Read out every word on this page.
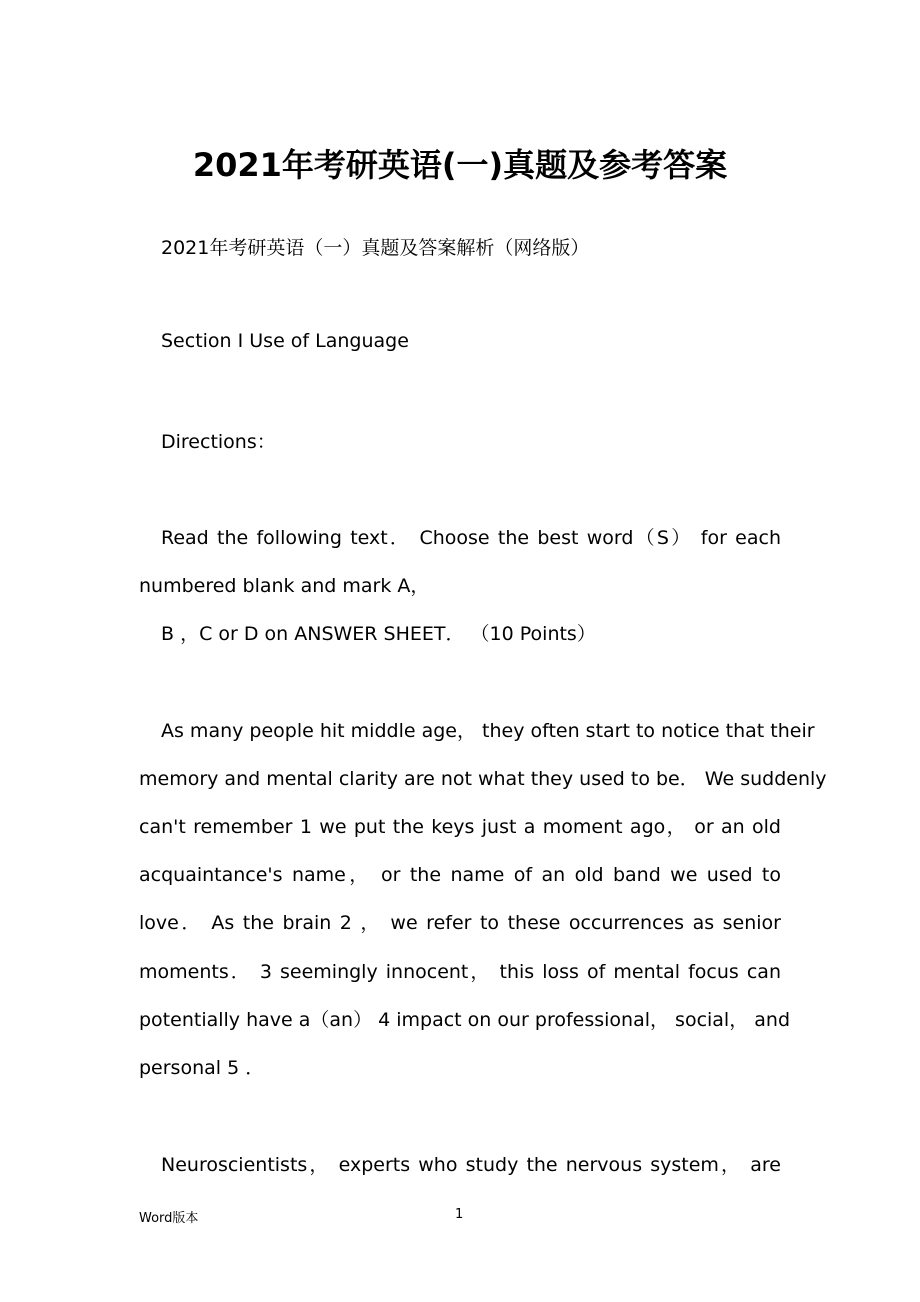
2021年考研英语(一)真题及参考答案
2021年考研英语（一）真题及答案解析（网络版）
Section I Use of Language
Directions：
Read the following text． Choose the best word（S） for each
numbered blank and mark A，
B ，C or D on ANSWER SHEET． （10 Points）
As many people hit middle age， they often start to notice that their
memory and mental clarity are not what they used to be． We suddenly
can't remember 1 we put the keys just a moment ago， or an old
acquaintance's name， or the name of an old band we used to
love． As the brain 2 ， we refer to these occurrences as senior
moments． 3 seemingly innocent， this loss of mental focus can
potentially have a（an） 4 impact on our professional， social， and
personal 5 ．
Neuroscientists， experts who study the nervous system， are
Word版本	1
